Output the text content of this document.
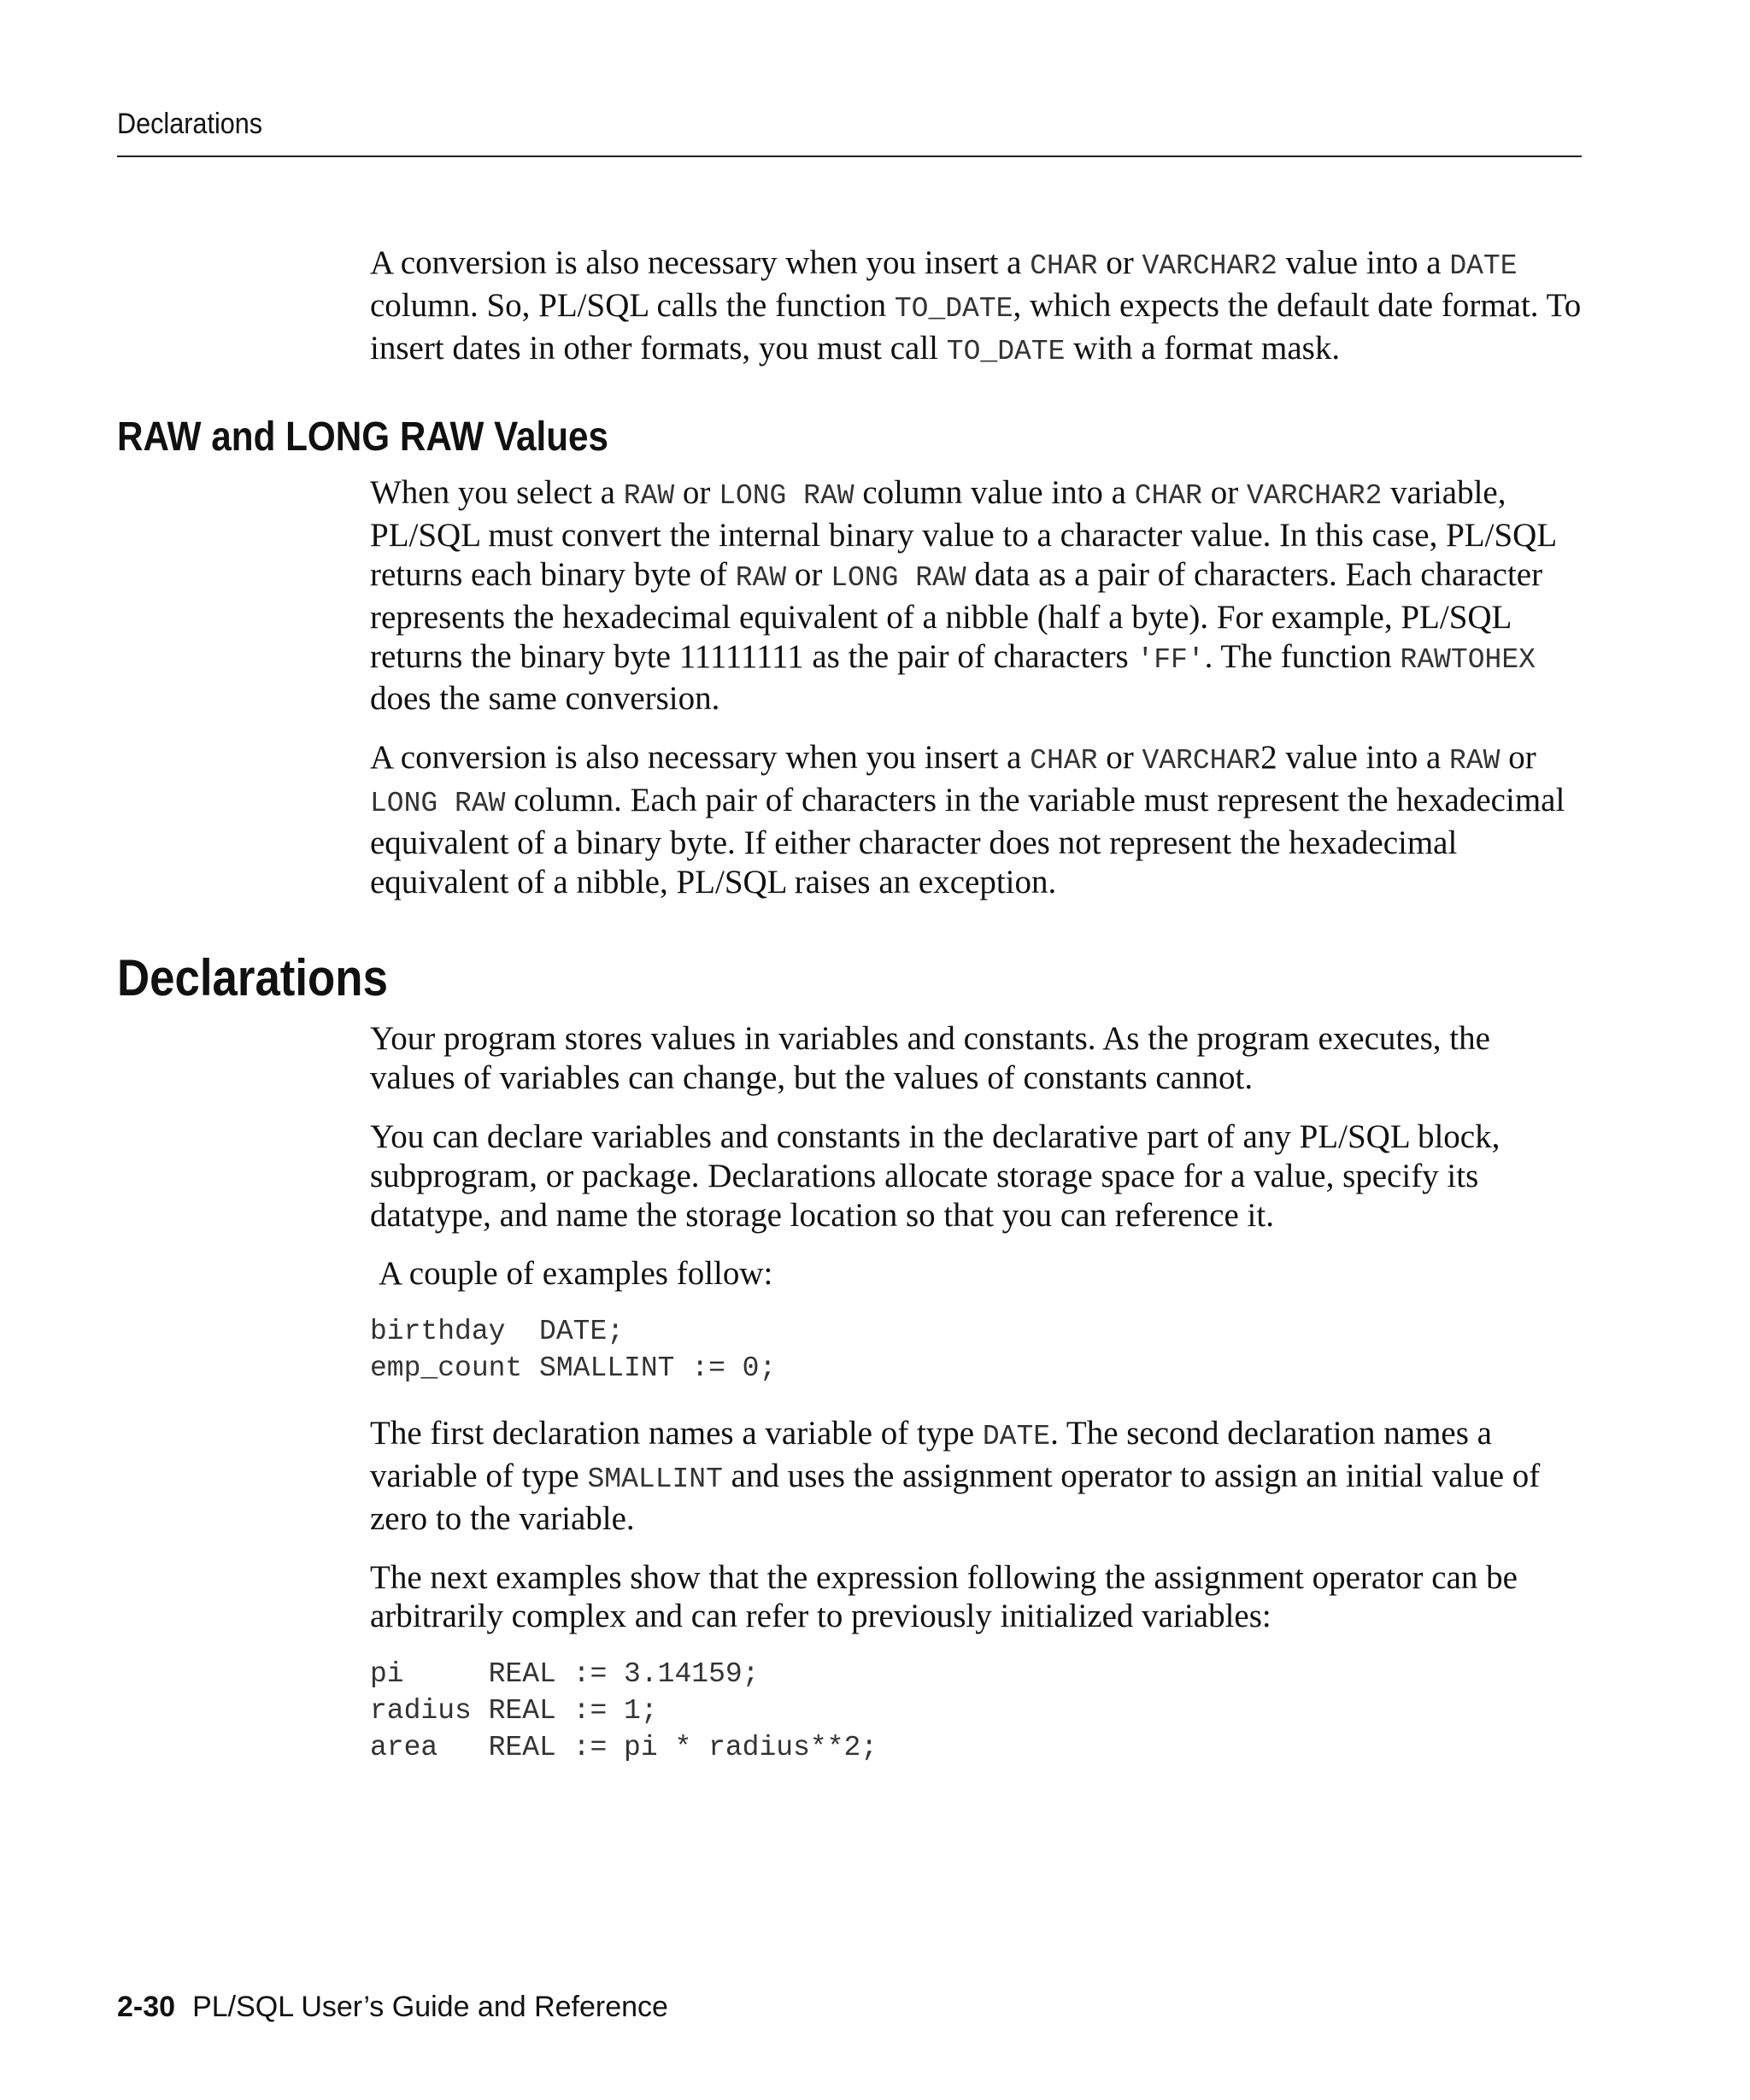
Declarations

A conversion is also necessary when you insert a CHAR or VARCHAR2 value into a DATE column. So, PL/SQL calls the function TO_DATE, which expects the default date format. To insert dates in other formats, you must call TO_DATE with a format mask.

RAW and LONG RAW Values

When you select a RAW or LONG RAW column value into a CHAR or VARCHAR2 variable, PL/SQL must convert the internal binary value to a character value. In this case, PL/SQL returns each binary byte of RAW or LONG RAW data as a pair of characters. Each character represents the hexadecimal equivalent of a nibble (half a byte). For example, PL/SQL returns the binary byte 11111111 as the pair of characters 'FF'. The function RAWTOHEX does the same conversion.

A conversion is also necessary when you insert a CHAR or VARCHAR2 value into a RAW or LONG RAW column. Each pair of characters in the variable must represent the hexadecimal equivalent of a binary byte. If either character does not represent the hexadecimal equivalent of a nibble, PL/SQL raises an exception.

Declarations

Your program stores values in variables and constants. As the program executes, the values of variables can change, but the values of constants cannot.

You can declare variables and constants in the declarative part of any PL/SQL block, subprogram, or package. Declarations allocate storage space for a value, specify its datatype, and name the storage location so that you can reference it.

A couple of examples follow:

birthday  DATE;
emp_count SMALLINT := 0;

The first declaration names a variable of type DATE. The second declaration names a variable of type SMALLINT and uses the assignment operator to assign an initial value of zero to the variable.

The next examples show that the expression following the assignment operator can be arbitrarily complex and can refer to previously initialized variables:

pi     REAL := 3.14159;
radius REAL := 1;
area   REAL := pi * radius**2;
2-30 PL/SQL User’s Guide and Reference
